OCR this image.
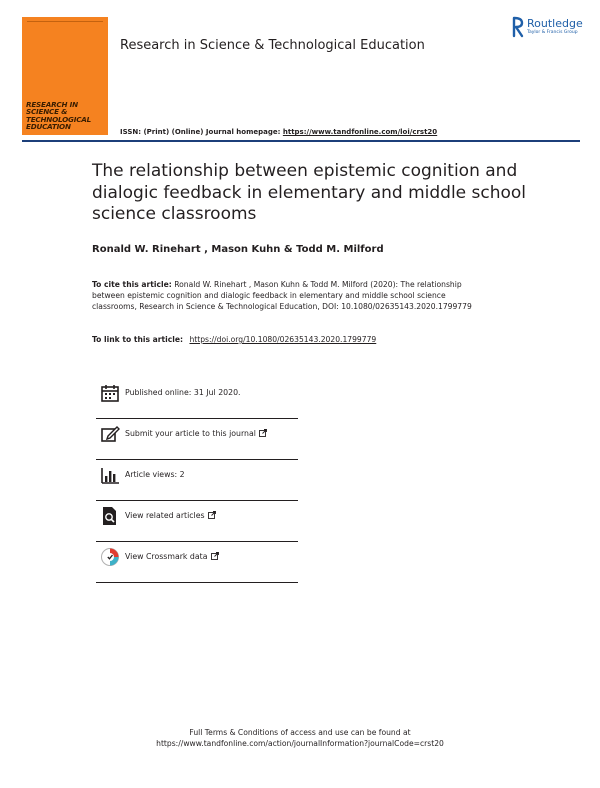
RESEARCH IN SCIENCE & TECHNOLOGICAL EDUCATION
Research in Science & Technological Education
Routledge
Taylor & Francis Group
ISSN: (Print) (Online) Journal homepage: https://www.tandfonline.com/loi/crst20
The relationship between epistemic cognition and dialogic feedback in elementary and middle school science classrooms
Ronald W. Rinehart , Mason Kuhn & Todd M. Milford
To cite this article: Ronald W. Rinehart , Mason Kuhn & Todd M. Milford (2020): The relationship between epistemic cognition and dialogic feedback in elementary and middle school science classrooms, Research in Science & Technological Education, DOI: 10.1080/02635143.2020.1799779
To link to this article: https://doi.org/10.1080/02635143.2020.1799779
Published online: 31 Jul 2020.
Submit your article to this journal
Article views: 2
View related articles
View Crossmark data
Full Terms & Conditions of access and use can be found at
https://www.tandfonline.com/action/journalInformation?journalCode=crst20
